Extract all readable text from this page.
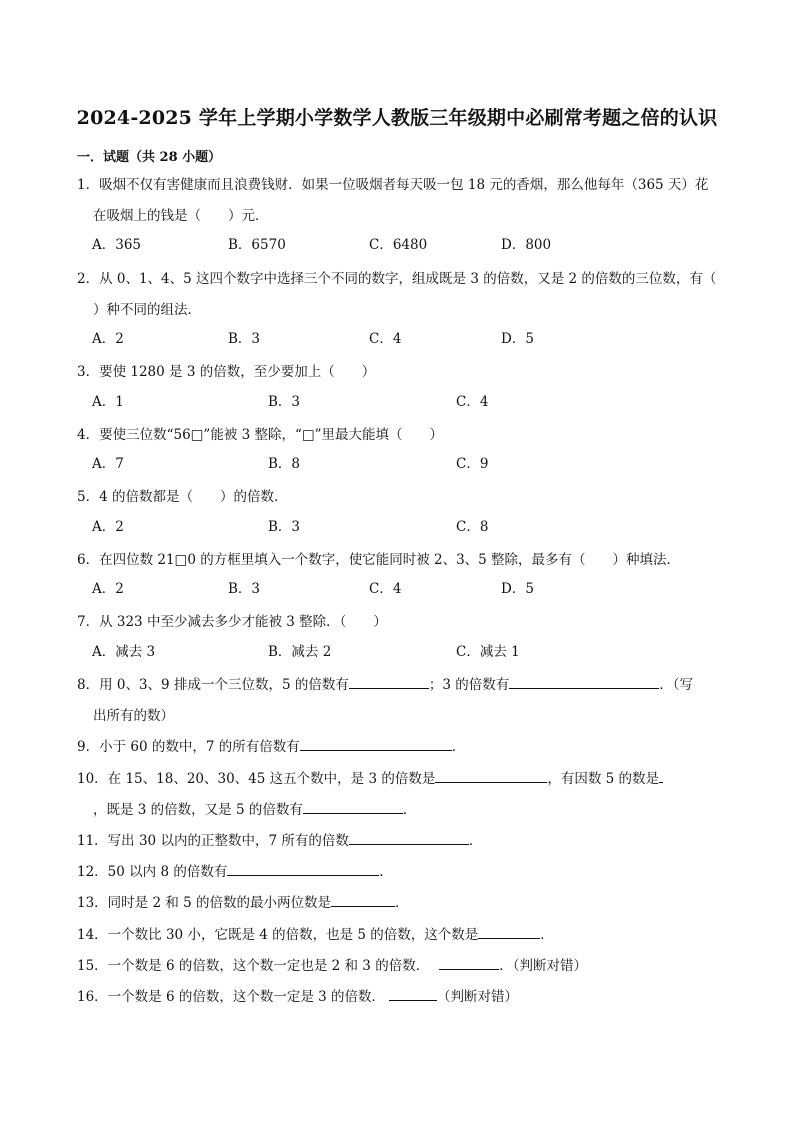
2024-2025 学年上学期小学数学人教版三年级期中必刷常考题之倍的认识
一．试题（共 28 小题）
1．吸烟不仅有害健康而且浪费钱财．如果一位吸烟者每天吸一包 18 元的香烟，那么他每年（365 天）花
在吸烟上的钱是（　　）元．
A．365	B．6570	C．6480	D．800
2．从 0、1、4、5 这四个数字中选择三个不同的数字，组成既是 3 的倍数，又是 2 的倍数的三位数，有（
）种不同的组法．
A．2	B．3	C．4	D．5
3．要使 1280 是 3 的倍数，至少要加上（　　）
A．1	B．3	C．4
4．要使三位数“56□”能被 3 整除，“□”里最大能填（　　）
A．7	B．8	C．9
5．4 的倍数都是（　　）的倍数．
A．2	B．3	C．8
6．在四位数 21□0 的方框里填入一个数字，使它能同时被 2、3、5 整除，最多有（　　）种填法．
A．2	B．3	C．4	D．5
7．从 323 中至少减去多少才能被 3 整除．（　　）
A．减去 3	B．减去 2	C．减去 1
8．用 0、3、9 排成一个三位数，5 的倍数有	；3 的倍数有	．（写
出所有的数）
9．小于 60 的数中，7 的所有倍数有	．
10．在 15、18、20、30、45 这五个数中，是 3 的倍数是	，有因数 5 的数是
，既是 3 的倍数，又是 5 的倍数有	．
11．写出 30 以内的正整数中，7 所有的倍数	．
12．50 以内 8 的倍数有	．
13．同时是 2 和 5 的倍数的最小两位数是	．
14．一个数比 30 小，它既是 4 的倍数，也是 5 的倍数，这个数是	．
15．一个数是 6 的倍数，这个数一定也是 2 和 3 的倍数．	．（判断对错）
16．一个数是 6 的倍数，这个数一定是 3 的倍数．	（判断对错）
